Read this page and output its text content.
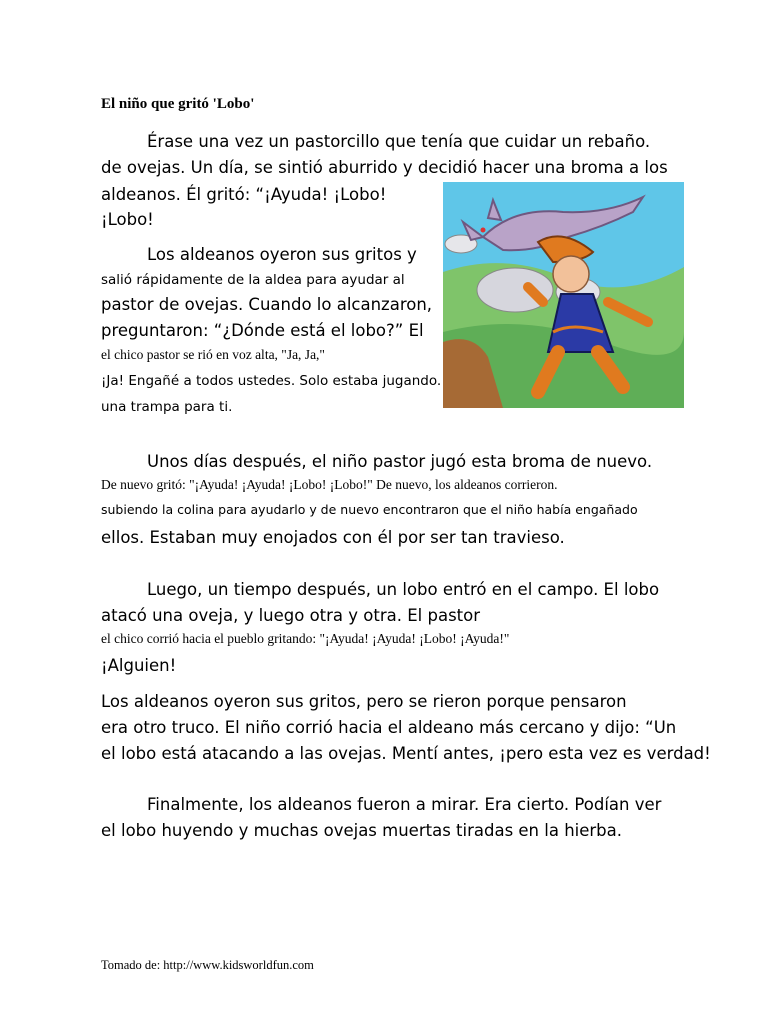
El niño que gritó 'Lobo'
Érase una vez un pastorcillo que tenía que cuidar un rebaño.
de ovejas. Un día, se sintió aburrido y decidió hacer una broma a los
aldeanos. Él gritó: “¡Ayuda! ¡Lobo!
¡Lobo!
Los aldeanos oyeron sus gritos y
salió rápidamente de la aldea para ayudar al
pastor de ovejas. Cuando lo alcanzaron,
preguntaron: “¿Dónde está el lobo?” El
el chico pastor se rió en voz alta, "Ja, Ja,"
¡Ja! Engañé a todos ustedes. Solo estaba jugando.
una trampa para ti.
Unos días después, el niño pastor jugó esta broma de nuevo.
De nuevo gritó: "¡Ayuda! ¡Ayuda! ¡Lobo! ¡Lobo!" De nuevo, los aldeanos corrieron.
subiendo la colina para ayudarlo y de nuevo encontraron que el niño había engañado
ellos. Estaban muy enojados con él por ser tan travieso.
Luego, un tiempo después, un lobo entró en el campo. El lobo
atacó una oveja, y luego otra y otra. El pastor
el chico corrió hacia el pueblo gritando: "¡Ayuda! ¡Ayuda! ¡Lobo! ¡Ayuda!"
¡Alguien!
Los aldeanos oyeron sus gritos, pero se rieron porque pensaron
era otro truco. El niño corrió hacia el aldeano más cercano y dijo: “Un
el lobo está atacando a las ovejas. Mentí antes, ¡pero esta vez es verdad!
Finalmente, los aldeanos fueron a mirar. Era cierto. Podían ver
el lobo huyendo y muchas ovejas muertas tiradas en la hierba.
Tomado de: http://www.kidsworldfun.com
